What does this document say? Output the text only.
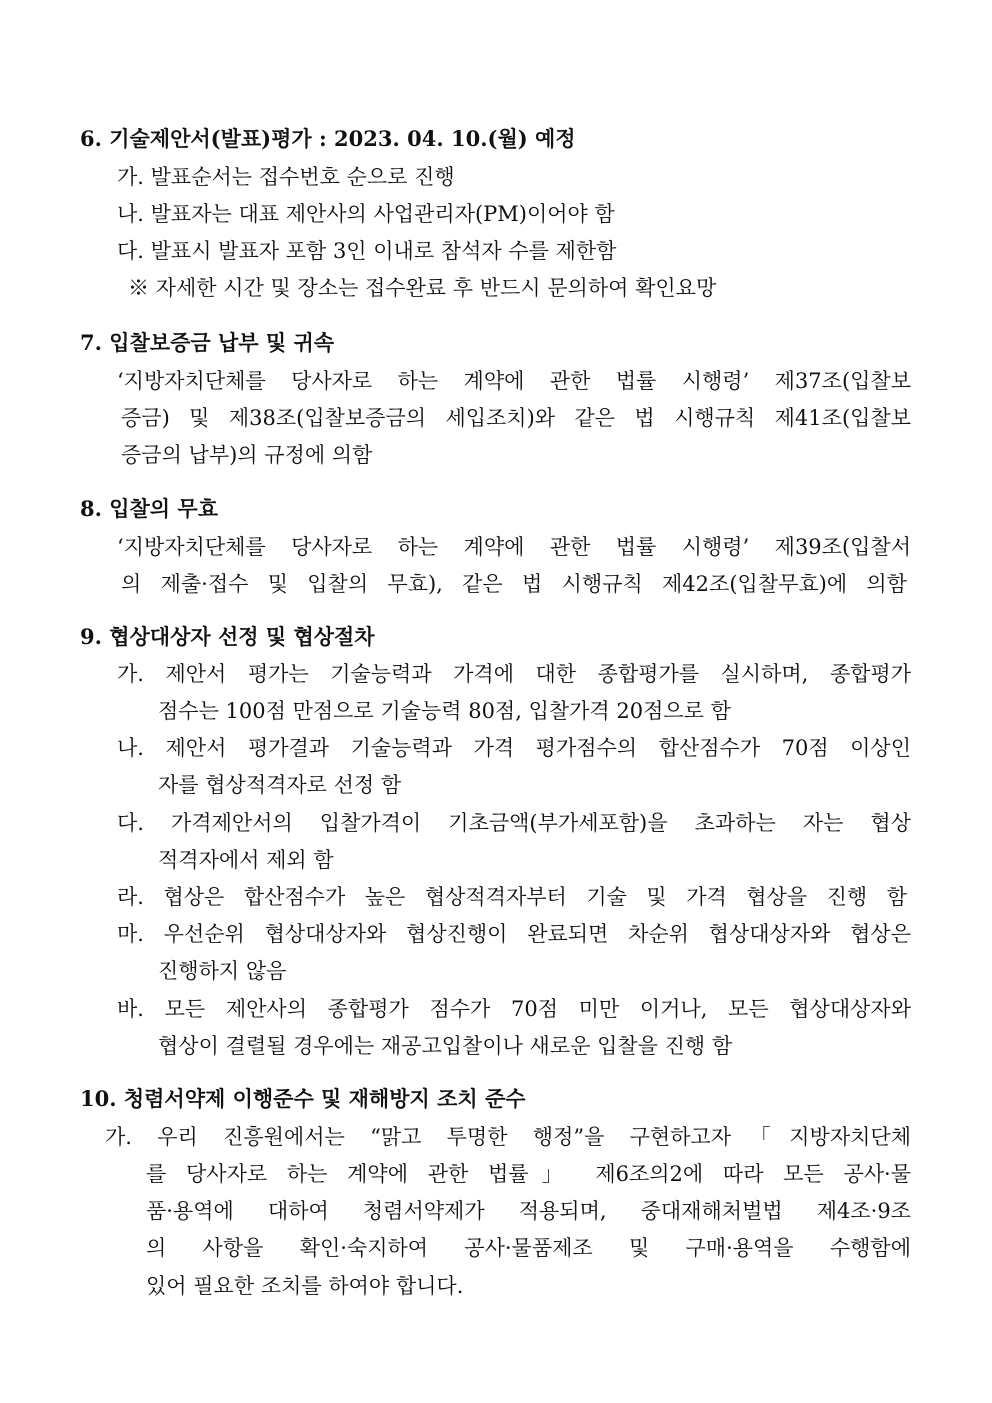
6. 기술제안서(발표)평가 : 2023. 04. 10.(월) 예정
가. 발표순서는 접수번호 순으로 진행
나. 발표자는 대표 제안사의 사업관리자(PM)이어야 함
다. 발표시 발표자 포함 3인 이내로 참석자 수를 제한함
※ 자세한 시간 및 장소는 접수완료 후 반드시 문의하여 확인요망
7. 입찰보증금 납부 및 귀속
‘지방자치단체를 당사자로 하는 계약에 관한 법률 시행령’ 제37조(입찰보
증금) 및 제38조(입찰보증금의 세입조치)와 같은 법 시행규칙 제41조(입찰보
증금의 납부)의 규정에 의함
8. 입찰의 무효
‘지방자치단체를 당사자로 하는 계약에 관한 법률 시행령’ 제39조(입찰서
의 제출·접수 및 입찰의 무효), 같은 법 시행규칙 제42조(입찰무효)에 의함
9. 협상대상자 선정 및 협상절차
가. 제안서 평가는 기술능력과 가격에 대한 종합평가를 실시하며, 종합평가
점수는 100점 만점으로 기술능력 80점, 입찰가격 20점으로 함
나. 제안서 평가결과 기술능력과 가격 평가점수의 합산점수가 70점 이상인
자를 협상적격자로 선정 함
다. 가격제안서의 입찰가격이 기초금액(부가세포함)을 초과하는 자는 협상
적격자에서 제외 함
라. 협상은 합산점수가 높은 협상적격자부터 기술 및 가격 협상을 진행 함
마. 우선순위 협상대상자와 협상진행이 완료되면 차순위 협상대상자와 협상은
진행하지 않음
바. 모든 제안사의 종합평가 점수가 70점 미만 이거나, 모든 협상대상자와
협상이 결렬될 경우에는 재공고입찰이나 새로운 입찰을 진행 함
10. 청렴서약제 이행준수 및 재해방지 조치 준수
가. 우리 진흥원에서는 “맑고 투명한 행정”을 구현하고자「지방자치단체
를 당사자로 하는 계약에 관한 법률」 제6조의2에 따라 모든 공사·물
품·용역에 대하여 청렴서약제가 적용되며, 중대재해처벌법 제4조·9조
의 사항을 확인·숙지하여 공사·물품제조 및 구매·용역을 수행함에
있어 필요한 조치를 하여야 합니다.
